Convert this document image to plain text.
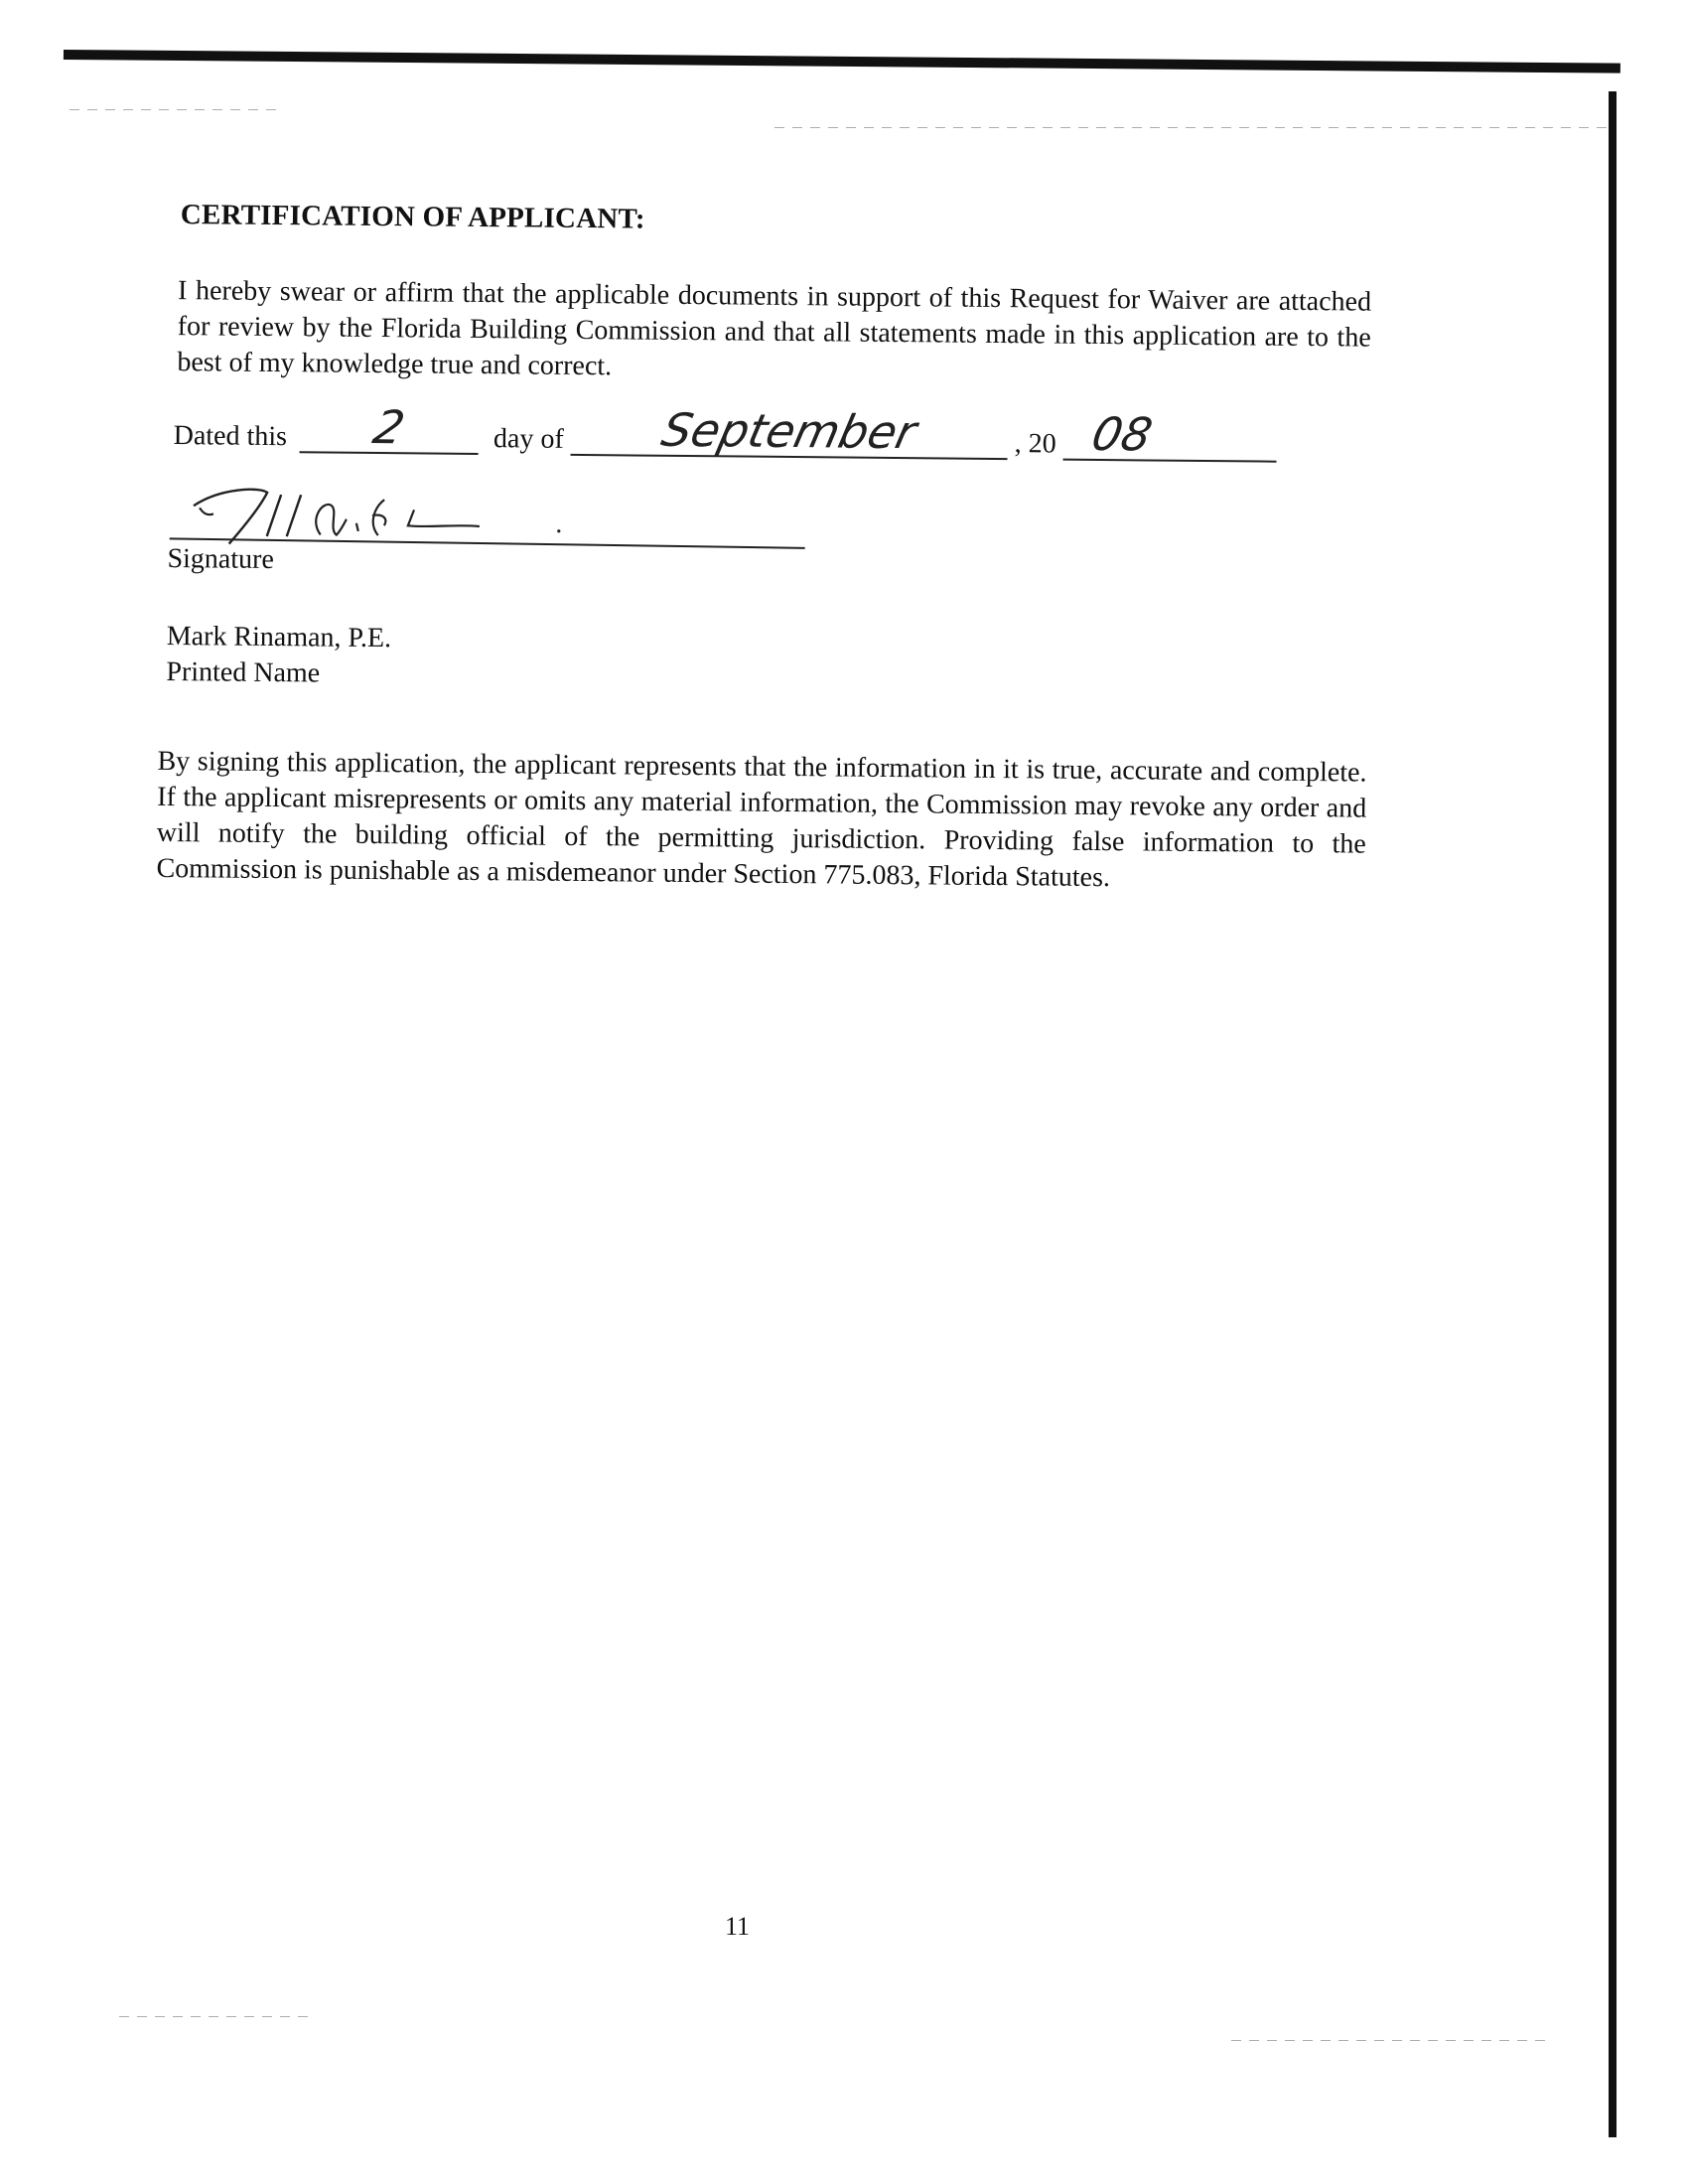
CERTIFICATION OF APPLICANT:

I hereby swear or affirm that the applicable documents in support of this Request for Waiver are attached for review by the Florida Building Commission and that all statements made in this application are to the best of my knowledge true and correct.

Dated this	2	day of	September	, 20 08
Signature
Mark Rinaman, P.E.
Printed Name

By signing this application, the applicant represents that the information in it is true, accurate and complete. If the applicant misrepresents or omits any material information, the Commission may revoke any order and will notify the building official of the permitting jurisdiction. Providing false information to the Commission is punishable as a misdemeanor under Section 775.083, Florida Statutes.

11
